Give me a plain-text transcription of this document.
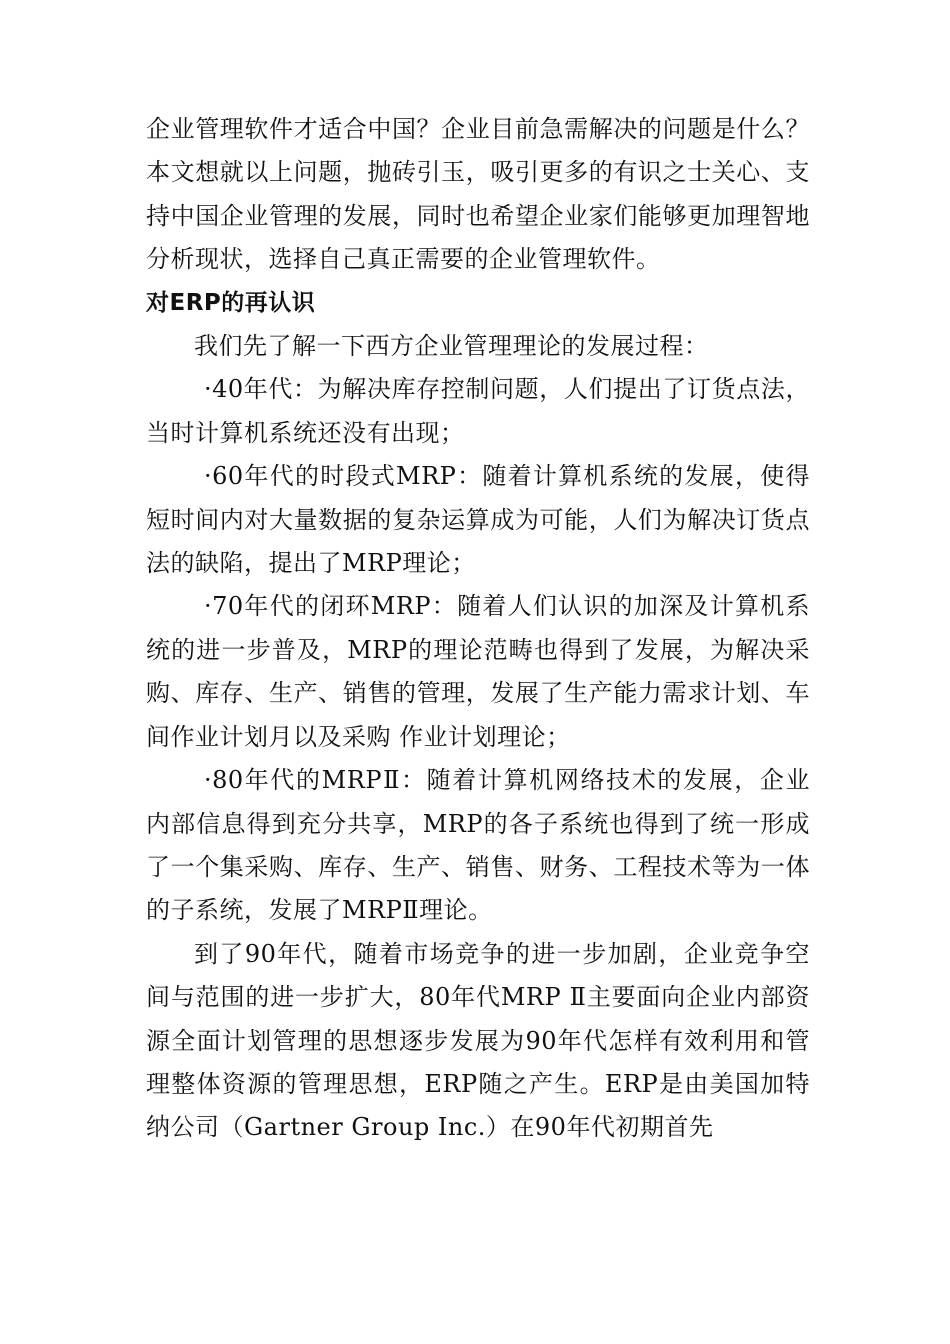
企业管理软件才适合中国？企业目前急需解决的问题是什么？本文想就以上问题，抛砖引玉，吸引更多的有识之士关心、支持中国企业管理的发展，同时也希望企业家们能够更加理智地分析现状，选择自己真正需要的企业管理软件。

对ERP的再认识

我们先了解一下西方企业管理理论的发展过程：

·40年代：为解决库存控制问题，人们提出了订货点法，当时计算机系统还没有出现；

·60年代的时段式MRP：随着计算机系统的发展，使得短时间内对大量数据的复杂运算成为可能，人们为解决订货点法的缺陷，提出了MRP理论；

·70年代的闭环MRP：随着人们认识的加深及计算机系统的进一步普及，MRP的理论范畴也得到了发展，为解决采购、库存、生产、销售的管理，发展了生产能力需求计划、车间作业计划月以及采购 作业计划理论；

·80年代的MRPⅡ：随着计算机网络技术的发展，企业内部信息得到充分共享，MRP的各子系统也得到了统一形成了一个集采购、库存、生产、销售、财务、工程技术等为一体的子系统，发展了MRPⅡ理论。

到了90年代，随着市场竞争的进一步加剧，企业竞争空间与范围的进一步扩大，80年代MRP Ⅱ主要面向企业内部资源全面计划管理的思想逐步发展为90年代怎样有效利用和管理整体资源的管理思想，ERP随之产生。ERP是由美国加特纳公司（Gartner Group Inc.）在90年代初期首先
